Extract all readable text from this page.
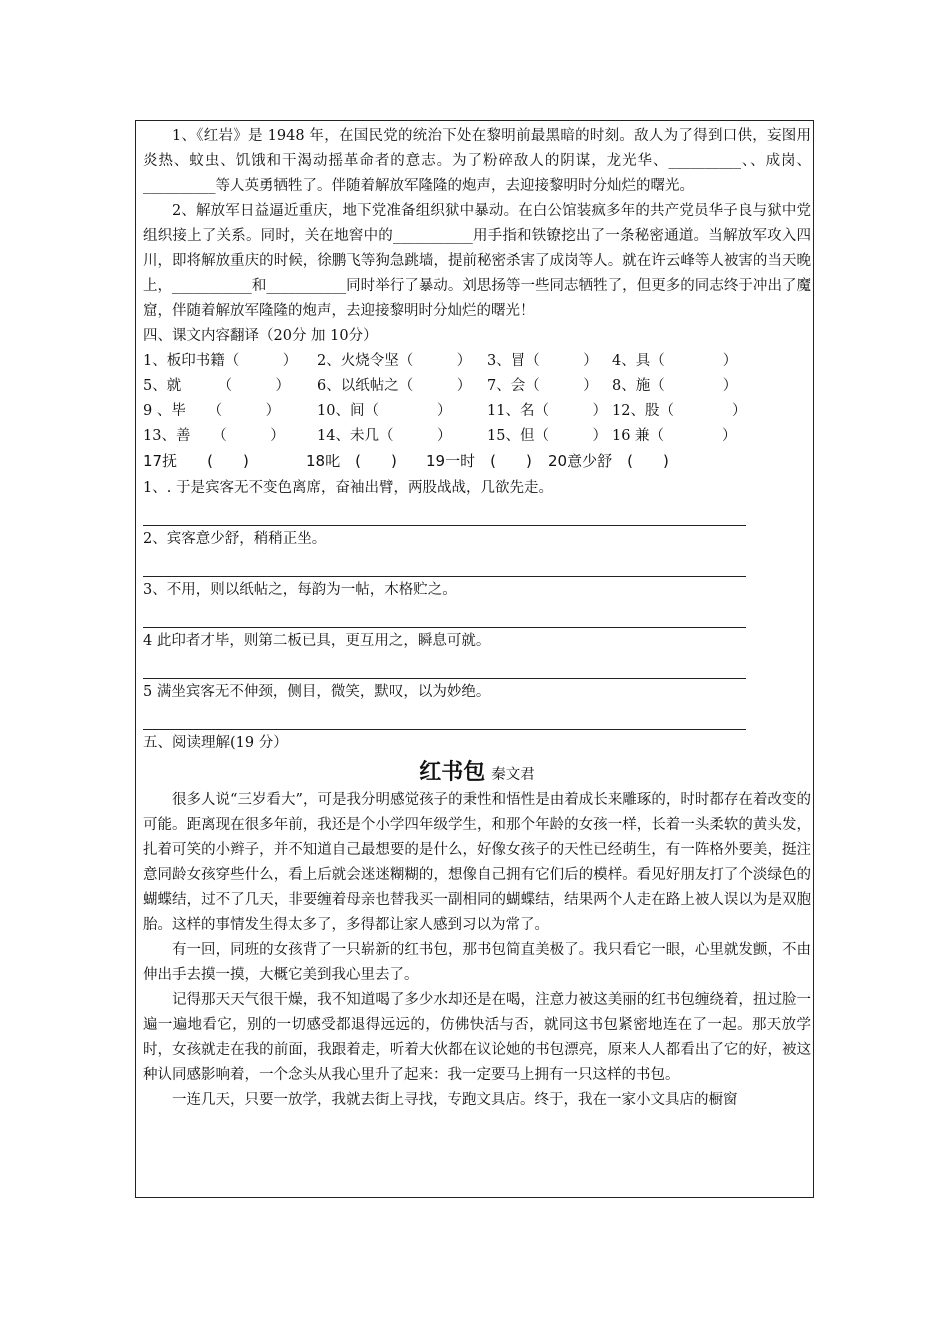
1、《红岩》是 1948 年，在国民党的统治下处在黎明前最黑暗的时刻。敌人为了得到口供，妄图用炎热、蚊虫、饥饿和干渴动摇革命者的意志。为了粉碎敌人的阴谋，龙光华、__________、、成岗、__________等人英勇牺牲了。伴随着解放军隆隆的炮声，去迎接黎明时分灿烂的曙光。

2、解放军日益逼近重庆，地下党准备组织狱中暴动。在白公馆装疯多年的共产党员华子良与狱中党组织接上了关系。同时，关在地窖中的___________用手指和铁镣挖出了一条秘密通道。当解放军攻入四川，即将解放重庆的时候，徐鹏飞等狗急跳墙，提前秘密杀害了成岗等人。就在许云峰等人被害的当天晚上，___________和___________同时举行了暴动。刘思扬等一些同志牺牲了，但更多的同志终于冲出了魔窟，伴随着解放军隆隆的炮声，去迎接黎明时分灿烂的曙光！

四、课文内容翻译（20分 加 10分）

1、板印书籍（　　　）	2、火烧令坚（　　　）	3、冒（　　　） 4、具（　　　　）
5、就　　　（　　　）	6、以纸帖之（　　　）	7、会（　　　） 8、施（　　　　）
9 、毕　　（　　　）	10、间（　　　　）	11、名（　　　） 12、股（　　　　）
13、善　　（　　　）	14、未几（　　　）	15、但（　　　） 16 兼（　　　　）
17抚　　(　　)	18叱　(　　)	19一时　(　　)	20意少舒　(　　)

1、. 于是宾客无不变色离席，奋袖出臂，两股战战，几欲先走。

2、宾客意少舒，稍稍正坐。

3、不用，则以纸帖之，每韵为一帖，木格贮之。

4 此印者才毕，则第二板已具，更互用之，瞬息可就。

5 满坐宾客无不伸颈，侧目，微笑，默叹，以为妙绝。

五、阅读理解(19 分）

红书包 秦文君

很多人说“三岁看大”，可是我分明感觉孩子的秉性和悟性是由着成长来雕琢的，时时都存在着改变的可能。距离现在很多年前，我还是个小学四年级学生，和那个年龄的女孩一样，长着一头柔软的黄头发，扎着可笑的小辫子，并不知道自己最想要的是什么，好像女孩子的天性已经萌生，有一阵格外要美，挺注意同龄女孩穿些什么，看上后就会迷迷糊糊的，想像自己拥有它们后的模样。看见好朋友打了个淡绿色的蝴蝶结，过不了几天，非要缠着母亲也替我买一副相同的蝴蝶结，结果两个人走在路上被人误以为是双胞胎。这样的事情发生得太多了，多得都让家人感到习以为常了。

有一回，同班的女孩背了一只崭新的红书包，那书包简直美极了。我只看它一眼，心里就发颤，不由伸出手去摸一摸，大概它美到我心里去了。

记得那天天气很干燥，我不知道喝了多少水却还是在喝，注意力被这美丽的红书包缠绕着，扭过脸一遍一遍地看它，别的一切感受都退得远远的，仿佛快活与否，就同这书包紧密地连在了一起。那天放学时，女孩就走在我的前面，我跟着走，听着大伙都在议论她的书包漂亮，原来人人都看出了它的好，被这种认同感影响着，一个念头从我心里升了起来：我一定要马上拥有一只这样的书包。

一连几天，只要一放学，我就去街上寻找，专跑文具店。终于，我在一家小文具店的橱窗
